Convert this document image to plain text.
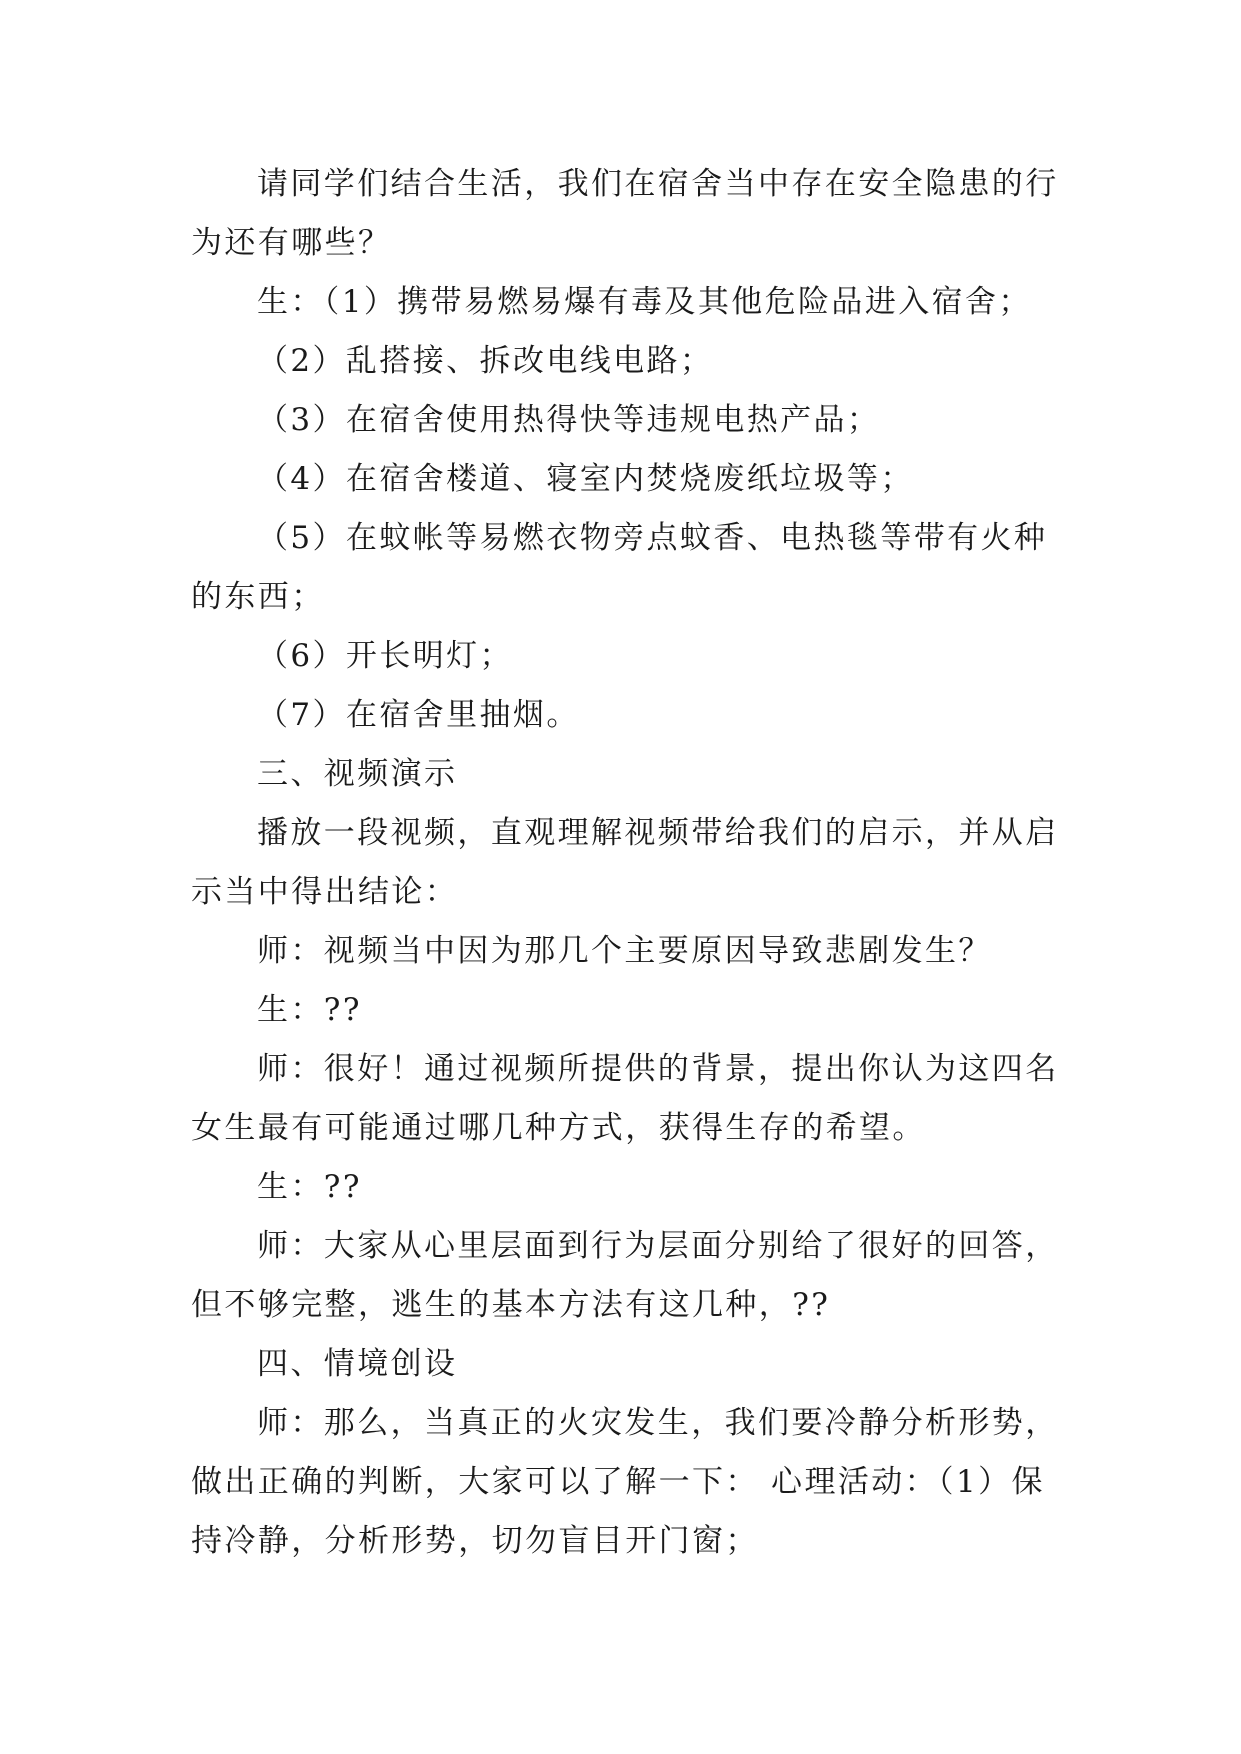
请同学们结合生活，我们在宿舍当中存在安全隐患的行为还有哪些？

生：（1）携带易燃易爆有毒及其他危险品进入宿舍；

（2）乱搭接、拆改电线电路；

（3）在宿舍使用热得快等违规电热产品；

（4）在宿舍楼道、寝室内焚烧废纸垃圾等；

（5）在蚊帐等易燃衣物旁点蚊香、电热毯等带有火种的东西；

（6）开长明灯；

（7）在宿舍里抽烟。

三、视频演示

播放一段视频，直观理解视频带给我们的启示，并从启示当中得出结论：

师：视频当中因为那几个主要原因导致悲剧发生？

生：??

师：很好！通过视频所提供的背景，提出你认为这四名女生最有可能通过哪几种方式，获得生存的希望。

生：??

师：大家从心里层面到行为层面分别给了很好的回答，但不够完整，逃生的基本方法有这几种，??

四、情境创设

师：那么，当真正的火灾发生，我们要冷静分析形势，做出正确的判断，大家可以了解一下： 心理活动：（1）保持冷静，分析形势，切勿盲目开门窗；
